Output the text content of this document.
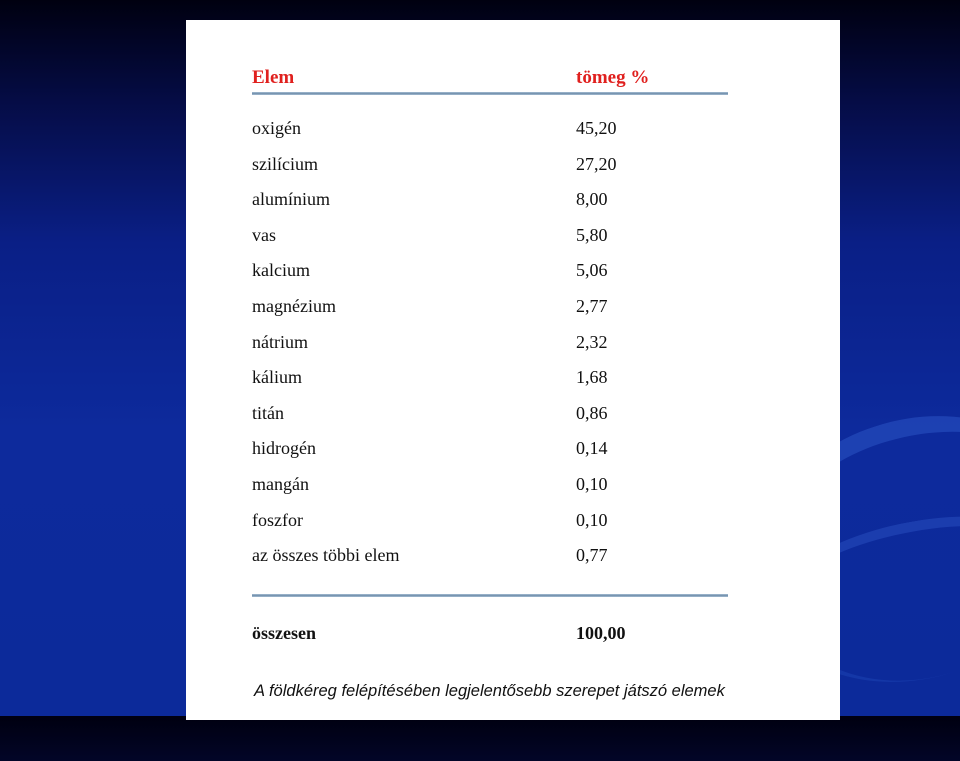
Elem	tömeg %
oxigén	45,20
szilícium	27,20
alumínium	8,00
vas	5,80
kalcium	5,06
magnézium	2,77
nátrium	2,32
kálium	1,68
titán	0,86
hidrogén	0,14
mangán	0,10
foszfor	0,10
az összes többi elem	0,77
összesen	100,00
A földkéreg felépítésében legjelentősebb szerepet játszó elemek
